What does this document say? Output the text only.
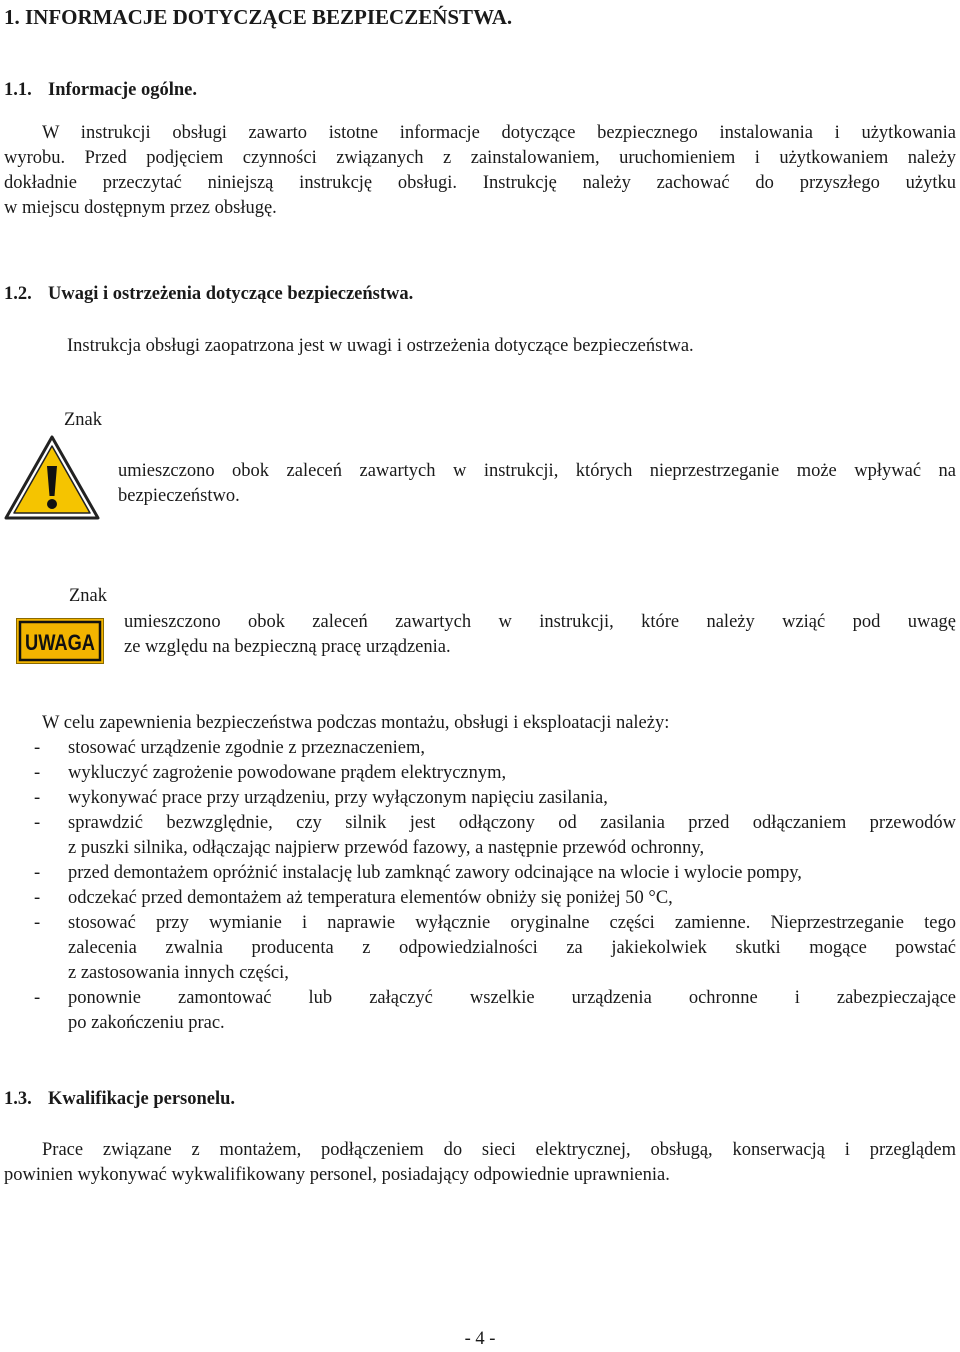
1. INFORMACJE DOTYCZĄCE BEZPIECZEŃSTWA.
1.1. Informacje ogólne.
W instrukcji obsługi zawarto istotne informacje dotyczące bezpiecznego instalowania i użytkowania
wyrobu. Przed podjęciem czynności związanych z zainstalowaniem, uruchomieniem i użytkowaniem należy
dokładnie przeczytać niniejszą instrukcję obsługi. Instrukcję należy zachować do przyszłego użytku
w miejscu dostępnym przez obsługę.
1.2. Uwagi i ostrzeżenia dotyczące bezpieczeństwa.
Instrukcja obsługi zaopatrzona jest w uwagi i ostrzeżenia dotyczące bezpieczeństwa.
Znak
umieszczono obok zaleceń zawartych w instrukcji, których nieprzestrzeganie może wpływać na
bezpieczeństwo.
Znak
UWAGA
umieszczono obok zaleceń zawartych w instrukcji, które należy wziąć pod uwagę
ze względu na bezpieczną pracę urządzenia.
W celu zapewnienia bezpieczeństwa podczas montażu, obsługi i eksploatacji należy:
- stosować urządzenie zgodnie z przeznaczeniem,
- wykluczyć zagrożenie powodowane prądem elektrycznym,
- wykonywać prace przy urządzeniu, przy wyłączonym napięciu zasilania,
- sprawdzić bezwzględnie, czy silnik jest odłączony od zasilania przed odłączaniem przewodów
z puszki silnika, odłączając najpierw przewód fazowy, a następnie przewód ochronny,
- przed demontażem opróżnić instalację lub zamknąć zawory odcinające na wlocie i wylocie pompy,
- odczekać przed demontażem aż temperatura elementów obniży się poniżej 50 °C,
- stosować przy wymianie i naprawie wyłącznie oryginalne części zamienne. Nieprzestrzeganie tego
zalecenia zwalnia producenta z odpowiedzialności za jakiekolwiek skutki mogące powstać
z zastosowania innych części,
- ponownie zamontować lub załączyć wszelkie urządzenia ochronne i zabezpieczające
po zakończeniu prac.
1.3. Kwalifikacje personelu.
Prace związane z montażem, podłączeniem do sieci elektrycznej, obsługą, konserwacją i przeglądem
powinien wykonywać wykwalifikowany personel, posiadający odpowiednie uprawnienia.
- 4 -
